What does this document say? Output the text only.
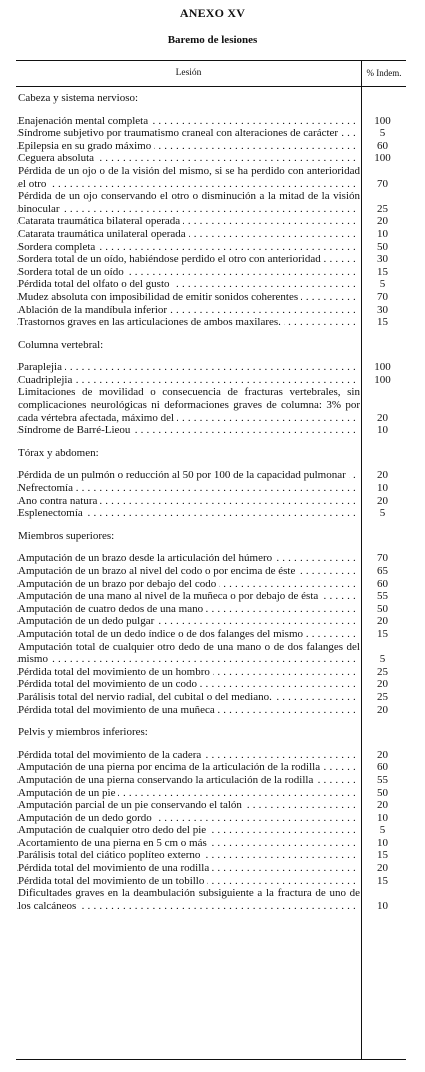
ANEXO XV
Baremo de lesiones
Lesión	% Indem.
Cabeza y sistema nervioso:
Enajenación mental completa . . .	100
Síndrome subjetivo por traumatismo craneal con alteraciones de carácter . . .	5
Epilepsia en su grado máximo . . .	60
Ceguera absoluta . . .	100
Pérdida de un ojo o de la visión del mismo, si se ha perdido con anterioridad el otro . . .	70
Pérdida de un ojo conservando el otro o disminución a la mitad de la visión binocular . . .	25
Catarata traumática bilateral operada . . .	20
Catarata traumática unilateral operada . . .	10
Sordera completa . . .	50
Sordera total de un oído, habiéndose perdido el otro con anterioridad . . .	30
Sordera total de un oído . . .	15
Pérdida total del olfato o del gusto . . .	5
Mudez absoluta con imposibilidad de emitir sonidos coherentes . . .	70
Ablación de la mandíbula inferior . . .	30
Trastornos graves en las articulaciones de ambos maxilares. . . .	15
Columna vertebral:
Paraplejia . . .	100
Cuadriplejia . . .	100
Limitaciones de movilidad o consecuencia de fracturas vertebrales, sin complicaciones neurológicas ni deformaciones graves de columna: 3% por cada vértebra afectada, máximo del . . .	20
Síndrome de Barré-Lieou . . .	10
Tórax y abdomen:
Pérdida de un pulmón o reducción al 50 por 100 de la capacidad pulmonar . . .	20
Nefrectomía . . .	10
Ano contra natura . . .	20
Esplenectomía . . .	5
Miembros superiores:
Amputación de un brazo desde la articulación del húmero . . .	70
Amputación de un brazo al nivel del codo o por encima de éste . . .	65
Amputación de un brazo por debajo del codo . . .	60
Amputación de una mano al nivel de la muñeca o por debajo de ésta . . .	55
Amputación de cuatro dedos de una mano . . .	50
Amputación de un dedo pulgar . . .	20
Amputación total de un dedo índice o de dos falanges del mismo . . .	15
Amputación total de cualquier otro dedo de una mano o de dos falanges del mismo . . .	5
Pérdida total del movimiento de un hombro . . .	25
Pérdida total del movimiento de un codo . . .	20
Parálisis total del nervio radial, del cubital o del mediano. . . .	25
Pérdida total del movimiento de una muñeca . . .	20
Pelvis y miembros inferiores:
Pérdida total del movimiento de la cadera . . .	20
Amputación de una pierna por encima de la articulación de la rodilla . . .	60
Amputación de una pierna conservando la articulación de la rodilla . . .	55
Amputación de un pie . . .	50
Amputación parcial de un pie conservando el talón . . .	20
Amputación de un dedo gordo . . .	10
Amputación de cualquier otro dedo del pie . . .	5
Acortamiento de una pierna en 5 cm o más . . .	10
Parálisis total del ciático poplíteo externo . . .	15
Pérdida total del movimiento de una rodilla . . .	20
Pérdida total del movimiento de un tobillo . . .	15
Dificultades graves en la deambulación subsiguiente a la fractura de uno de los calcáneos . . .	10
